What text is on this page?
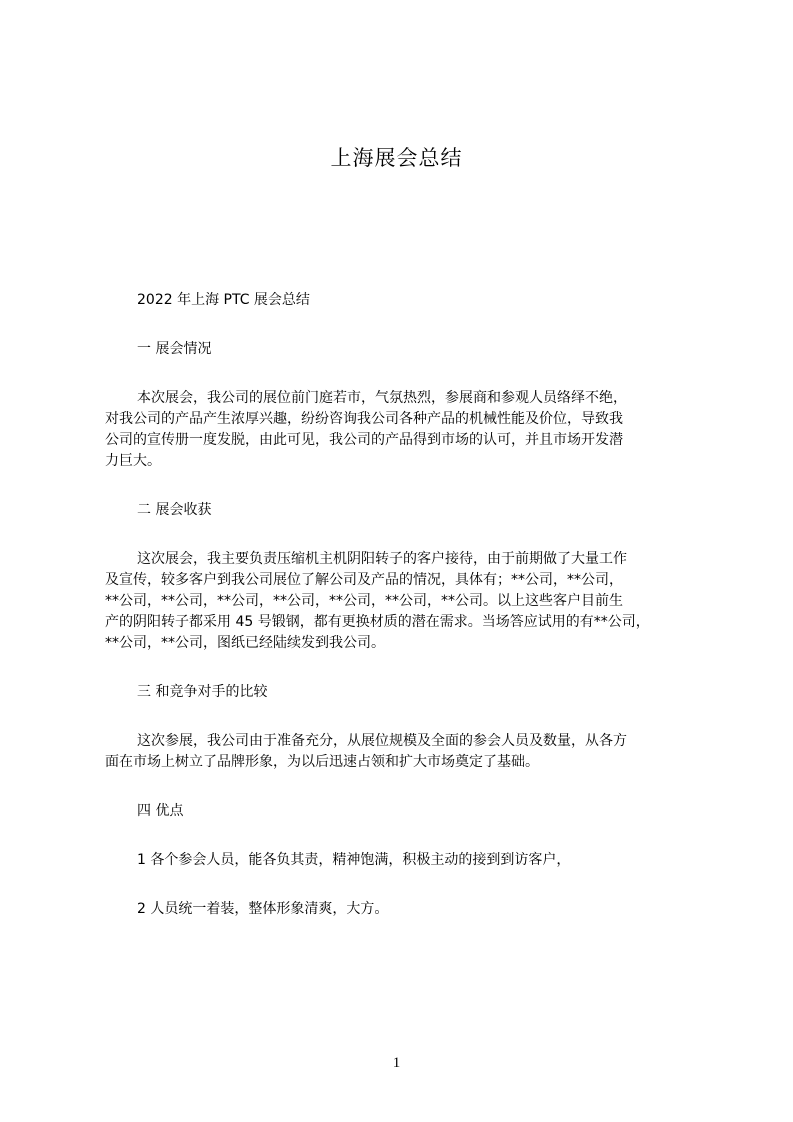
上海展会总结

2022 年上海 PTC 展会总结

一 展会情况

本次展会，我公司的展位前门庭若市，气氛热烈，参展商和参观人员络绎不绝，

对我公司的产品产生浓厚兴趣，纷纷咨询我公司各种产品的机械性能及价位，导致我

公司的宣传册一度发脱，由此可见，我公司的产品得到市场的认可，并且市场开发潜

力巨大。

二 展会收获

这次展会，我主要负责压缩机主机阴阳转子的客户接待，由于前期做了大量工作

及宣传，较多客户到我公司展位了解公司及产品的情况，具体有；**公司，**公司，

**公司，**公司，**公司，**公司，**公司，**公司，**公司。以上这些客户目前生

产的阴阳转子都采用 45 号锻钢，都有更换材质的潜在需求。当场答应试用的有**公司，

**公司，**公司，图纸已经陆续发到我公司。

三 和竞争对手的比较

这次参展，我公司由于准备充分，从展位规模及全面的参会人员及数量，从各方

面在市场上树立了品牌形象，为以后迅速占领和扩大市场奠定了基础。

四 优点

1 各个参会人员，能各负其责，精神饱满，积极主动的接到到访客户，

2 人员统一着装，整体形象清爽，大方。

1
